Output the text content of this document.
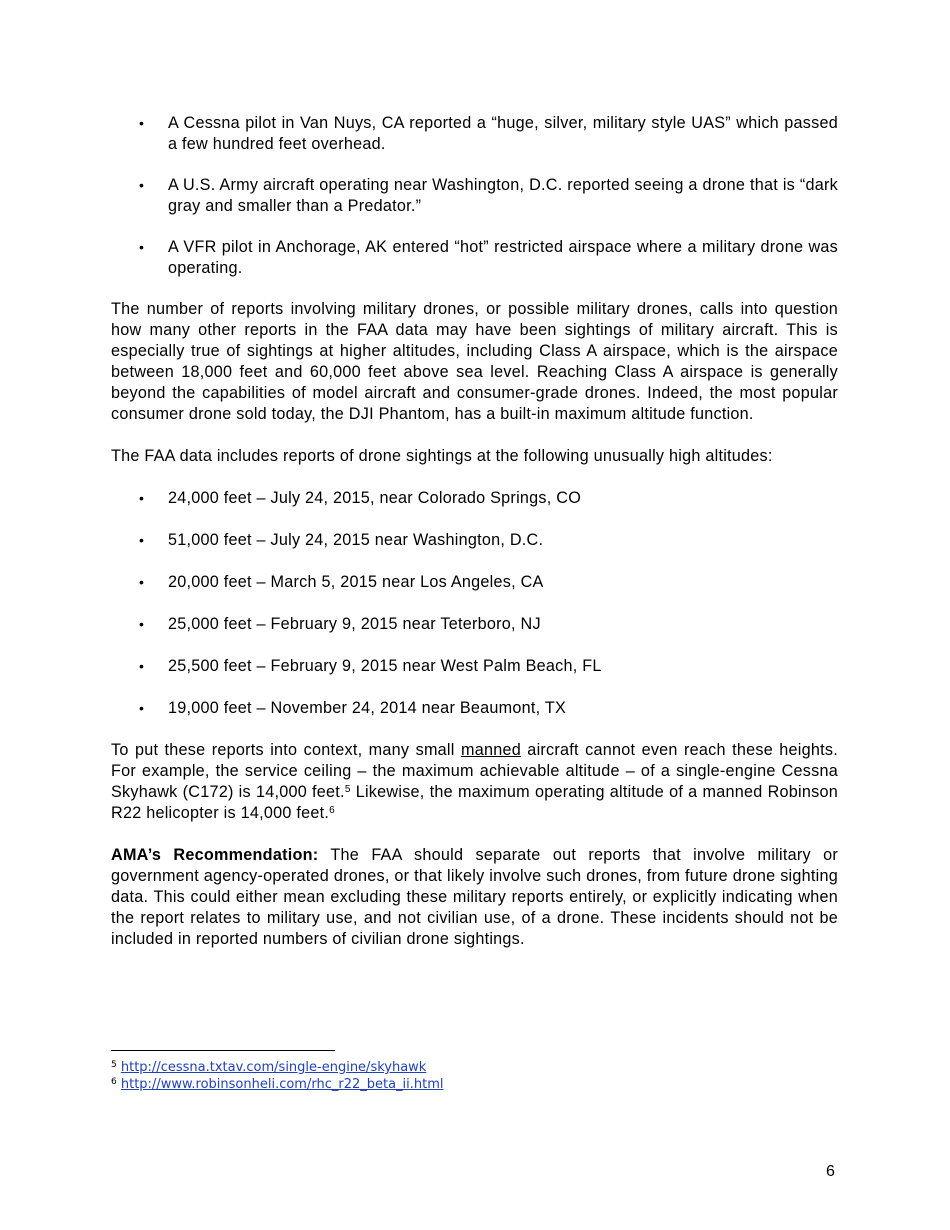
• A Cessna pilot in Van Nuys, CA reported a “huge, silver, military style UAS” which passed a few hundred feet overhead.
• A U.S. Army aircraft operating near Washington, D.C. reported seeing a drone that is “dark gray and smaller than a Predator.”
• A VFR pilot in Anchorage, AK entered “hot” restricted airspace where a military drone was operating.

The number of reports involving military drones, or possible military drones, calls into question how many other reports in the FAA data may have been sightings of military aircraft. This is especially true of sightings at higher altitudes, including Class A airspace, which is the airspace between 18,000 feet and 60,000 feet above sea level. Reaching Class A airspace is generally beyond the capabilities of model aircraft and consumer-grade drones. Indeed, the most popular consumer drone sold today, the DJI Phantom, has a built-in maximum altitude function.

The FAA data includes reports of drone sightings at the following unusually high altitudes:

• 24,000 feet – July 24, 2015, near Colorado Springs, CO
• 51,000 feet – July 24, 2015 near Washington, D.C.
• 20,000 feet – March 5, 2015 near Los Angeles, CA
• 25,000 feet – February 9, 2015 near Teterboro, NJ
• 25,500 feet – February 9, 2015 near West Palm Beach, FL
• 19,000 feet – November 24, 2014 near Beaumont, TX

To put these reports into context, many small manned aircraft cannot even reach these heights. For example, the service ceiling – the maximum achievable altitude – of a single-engine Cessna Skyhawk (C172) is 14,000 feet.$^5$ Likewise, the maximum operating altitude of a manned Robinson R22 helicopter is 14,000 feet.$^6$

AMA’s Recommendation: The FAA should separate out reports that involve military or government agency-operated drones, or that likely involve such drones, from future drone sighting data. This could either mean excluding these military reports entirely, or explicitly indicating when the report relates to military use, and not civilian use, of a drone. These incidents should not be included in reported numbers of civilian drone sightings.

$^5$ http://cessna.txtav.com/single-engine/skyhawk
$^6$ http://www.robinsonheli.com/rhc_r22_beta_ii.html
6
